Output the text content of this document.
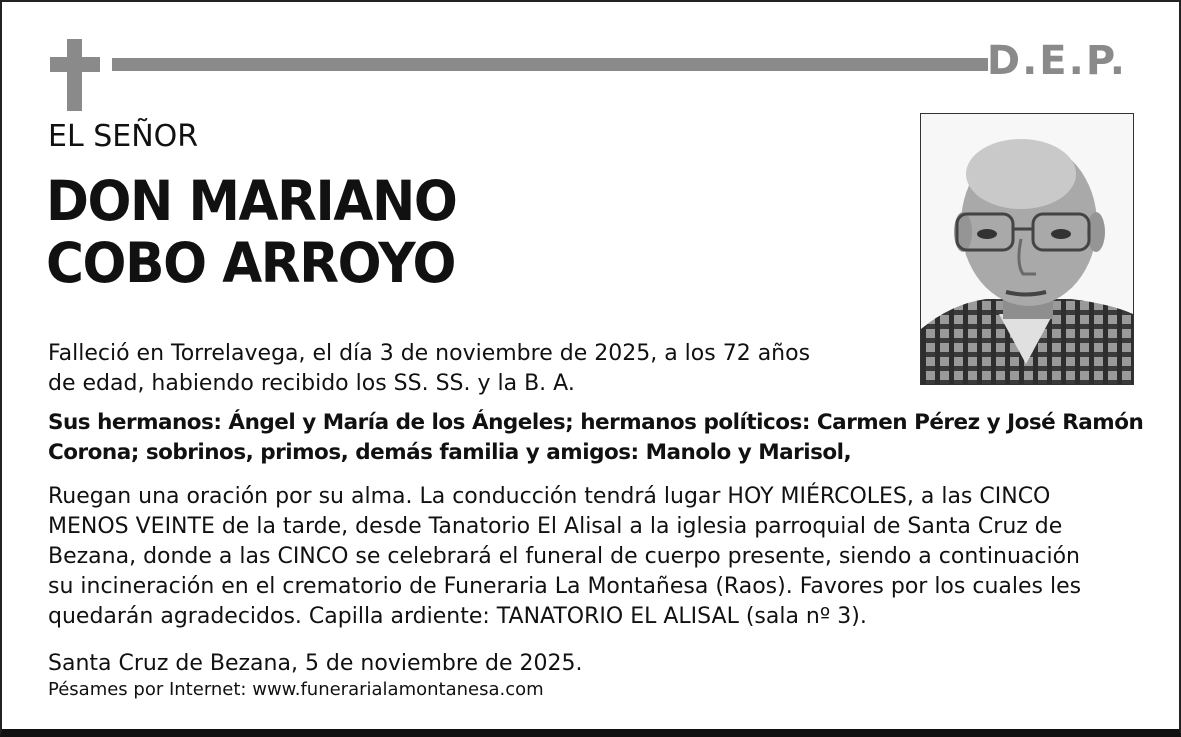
D.E.P.
EL SEÑOR
DON MARIANO
COBO ARROYO

Falleció en Torrelavega, el día 3 de noviembre de 2025, a los 72 años
de edad, habiendo recibido los SS. SS. y la B. A.

Sus hermanos: Ángel y María de los Ángeles; hermanos políticos: Carmen Pérez y José Ramón
Corona; sobrinos, primos, demás familia y amigos: Manolo y Marisol,

Ruegan una oración por su alma. La conducción tendrá lugar HOY MIÉRCOLES, a las CINCO
MENOS VEINTE de la tarde, desde Tanatorio El Alisal a la iglesia parroquial de Santa Cruz de
Bezana, donde a las CINCO se celebrará el funeral de cuerpo presente, siendo a continuación
su incineración en el crematorio de Funeraria La Montañesa (Raos). Favores por los cuales les
quedarán agradecidos. Capilla ardiente: TANATORIO EL ALISAL (sala nº 3).

Santa Cruz de Bezana, 5 de noviembre de 2025.

Pésames por Internet: www.funerarialamontanesa.com
